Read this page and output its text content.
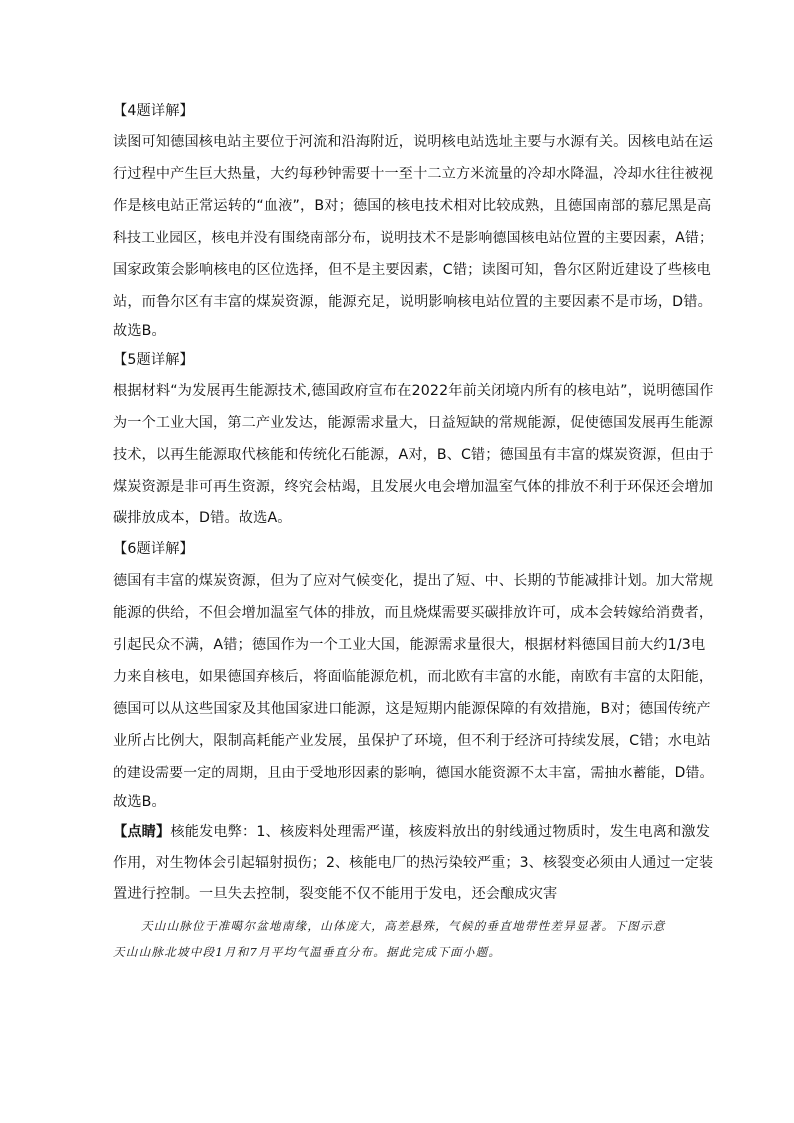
【4题详解】
读图可知德国核电站主要位于河流和沿海附近，说明核电站选址主要与水源有关。因核电站在运
行过程中产生巨大热量，大约每秒钟需要十一至十二立方米流量的冷却水降温，冷却水往往被视
作是核电站正常运转的“血液”，B对；德国的核电技术相对比较成熟，且德国南部的慕尼黑是高
科技工业园区，核电并没有围绕南部分布，说明技术不是影响德国核电站位置的主要因素，A错；
国家政策会影响核电的区位选择，但不是主要因素，C错；读图可知，鲁尔区附近建设了些核电
站，而鲁尔区有丰富的煤炭资源，能源充足，说明影响核电站位置的主要因素不是市场，D错。
故选B。
【5题详解】
根据材料“为发展再生能源技术,德国政府宣布在2022年前关闭境内所有的核电站”，说明德国作
为一个工业大国，第二产业发达，能源需求量大，日益短缺的常规能源，促使德国发展再生能源
技术，以再生能源取代核能和传统化石能源，A对，B、C错；德国虽有丰富的煤炭资源，但由于
煤炭资源是非可再生资源，终究会枯竭，且发展火电会增加温室气体的排放不利于环保还会增加
碳排放成本，D错。故选A。
【6题详解】
德国有丰富的煤炭资源，但为了应对气候变化，提出了短、中、长期的节能减排计划。加大常规
能源的供给，不但会增加温室气体的排放，而且烧煤需要买碳排放许可，成本会转嫁给消费者，
引起民众不满，A错；德国作为一个工业大国，能源需求量很大，根据材料德国目前大约1/3电
力来自核电，如果德国弃核后，将面临能源危机，而北欧有丰富的水能，南欧有丰富的太阳能，
德国可以从这些国家及其他国家进口能源，这是短期内能源保障的有效措施，B对；德国传统产
业所占比例大，限制高耗能产业发展，虽保护了环境，但不利于经济可持续发展，C错；水电站
的建设需要一定的周期，且由于受地形因素的影响，德国水能资源不太丰富，需抽水蓄能，D错。
故选B。
【点睛】核能发电弊：1、核废料处理需严谨，核废料放出的射线通过物质时，发生电离和激发
作用，对生物体会引起辐射损伤；2、核能电厂的热污染较严重；3、核裂变必须由人通过一定装
置进行控制。一旦失去控制，裂变能不仅不能用于发电，还会酿成灾害
天山山脉位于准噶尔盆地南缘，山体庞大，高差悬殊，气候的垂直地带性差异显著。下图示意
天山山脉北坡中段1月和7月平均气温垂直分布。据此完成下面小题。
